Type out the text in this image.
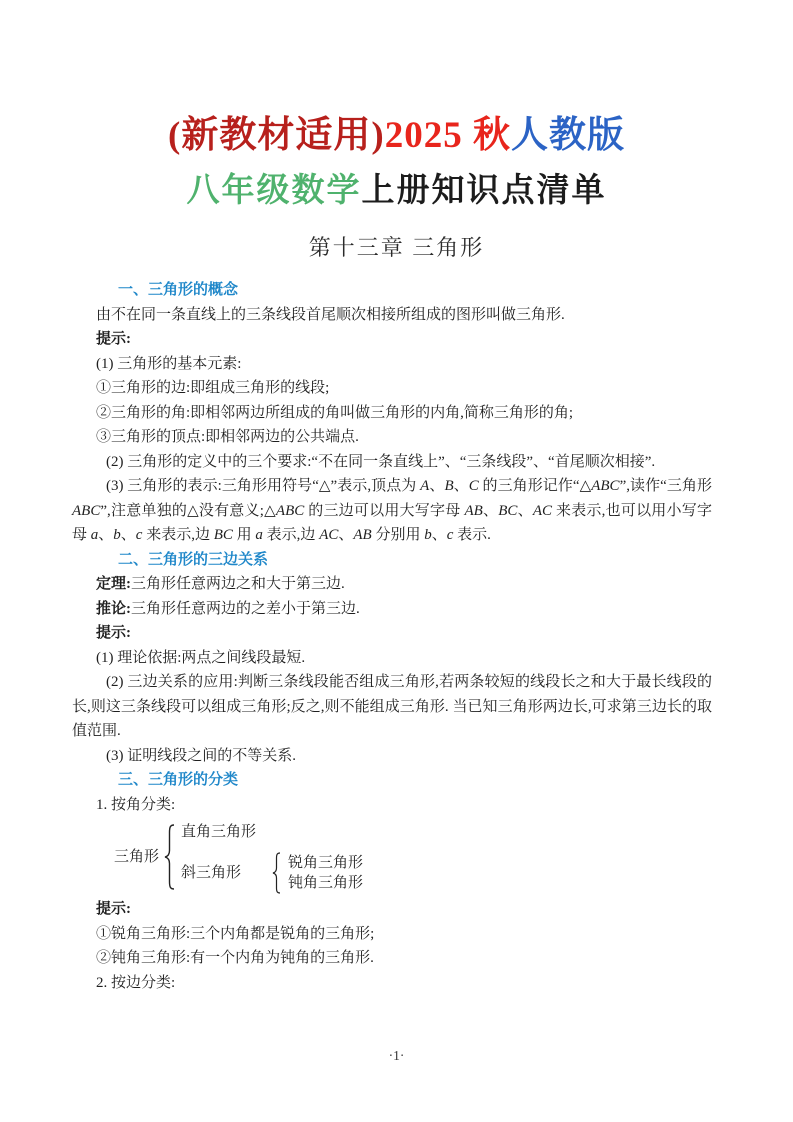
(新教材适用)2025 秋人教版
八年级数学上册知识点清单
第十三章 三角形
一、三角形的概念

由不在同一条直线上的三条线段首尾顺次相接所组成的图形叫做三角形.

提示:

(1) 三角形的基本元素:

①三角形的边:即组成三角形的线段;

②三角形的角:即相邻两边所组成的角叫做三角形的内角,简称三角形的角;

③三角形的顶点:即相邻两边的公共端点.

(2) 三角形的定义中的三个要求:“不在同一条直线上”、“三条线段”、“首尾顺次相接”.

(3) 三角形的表示:三角形用符号“△”表示,顶点为 A、B、C 的三角形记作“△ABC”,读作“三角形 ABC”,注意单独的△没有意义;△ABC 的三边可以用大写字母 AB、BC、AC 来表示,也可以用小写字母 a、b、c 来表示,边 BC 用 a 表示,边 AC、AB 分别用 b、c 表示.

二、三角形的三边关系

定理:三角形任意两边之和大于第三边.

推论:三角形任意两边的之差小于第三边.

提示:

(1) 理论依据:两点之间线段最短.

(2) 三边关系的应用:判断三条线段能否组成三角形,若两条较短的线段长之和大于最长线段的长,则这三条线段可以组成三角形;反之,则不能组成三角形. 当已知三角形两边长,可求第三边长的取值范围.

(3) 证明线段之间的不等关系.

三、三角形的分类

1. 按角分类:

三角形
直角三角形
斜三角形
锐角三角形
钝角三角形

提示:

①锐角三角形:三个内角都是锐角的三角形;

②钝角三角形:有一个内角为钝角的三角形.

2. 按边分类:

·1·
